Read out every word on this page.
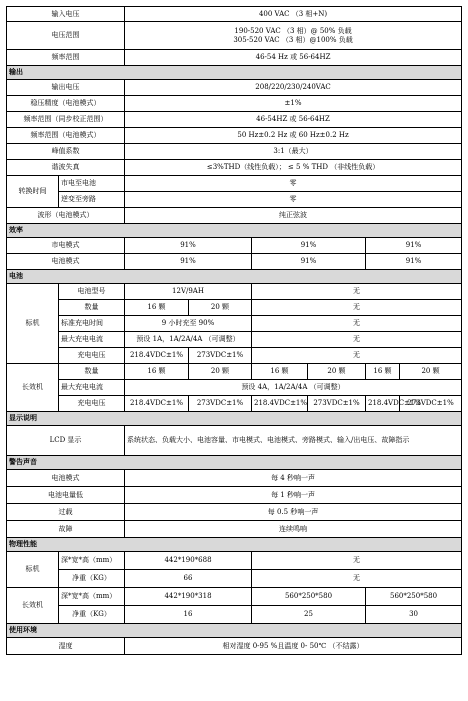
输入电压		400 VAC （3 相+N)					
电压范围		190-520 VAC （3 相）@ 50% 负载
305-520 VAC （3 相）@100% 负载					

频率范围		46-54 Hz 或 56-64HZ					
输出							
输出电压		208/220/230/240VAC					
稳压精度（电池模式）		±1%					
频率范围（同步校正范围）		46-54HZ 或 56-64HZ					
频率范围（电池模式）		50 Hz±0.2 Hz 或 60 Hz±0.2 Hz					
峰值系数		3:1（最大）					
谐波失真		≤3%THD（线性负载）； ≤ 5 % THD （非线性负载）					
转换时间	市电至电池	零					
	逆变至旁路	零					
波形（电池模式）		纯正弦波					
效率							
市电模式		91%		91%		91%	
电池模式		91%		91%		91%	
电池							
标机	电池型号	12V/9AH		无			
	数量	16 颗	20 颗	无			
	标准充电时间	9 小时充至 90%		无			
	最大充电电流	预设 1A，1A/2A/4A （可调整）		无			
	充电电压	218.4VDC±1%	273VDC±1%	无			
长效机	数量	16 颗	20 颗	16 颗	20 颗	16 颗	20 颗
	最大充电电流	预设 4A，1A/2A/4A （可调整）					
	充电电压	218.4VDC±1%	273VDC±1%	218.4VDC±1%	273VDC±1%	218.4VDC±1%	273VDC±1%
显示说明							
LCD 显示		系统状态、负载大小、电池容量、市电模式、电池模式、旁路模式、输入/出电压、故障指示					
警告声音							
电池模式		每 4 秒响一声					
电池电量低		每 1 秒响一声					
过载		每 0.5 秒响一声					
故障		连续鸣响					
物理性能							
标机	深*宽*高（mm）	442*190*688		无			
	净重（KG）	66		无			
长效机	深*宽*高（mm）	442*190*318		560*250*580		560*250*580	
	净重（KG）	16		25		30	
使用环境							
湿度		相对湿度 0-95 %且温度 0- 50℃ （不结露）					
